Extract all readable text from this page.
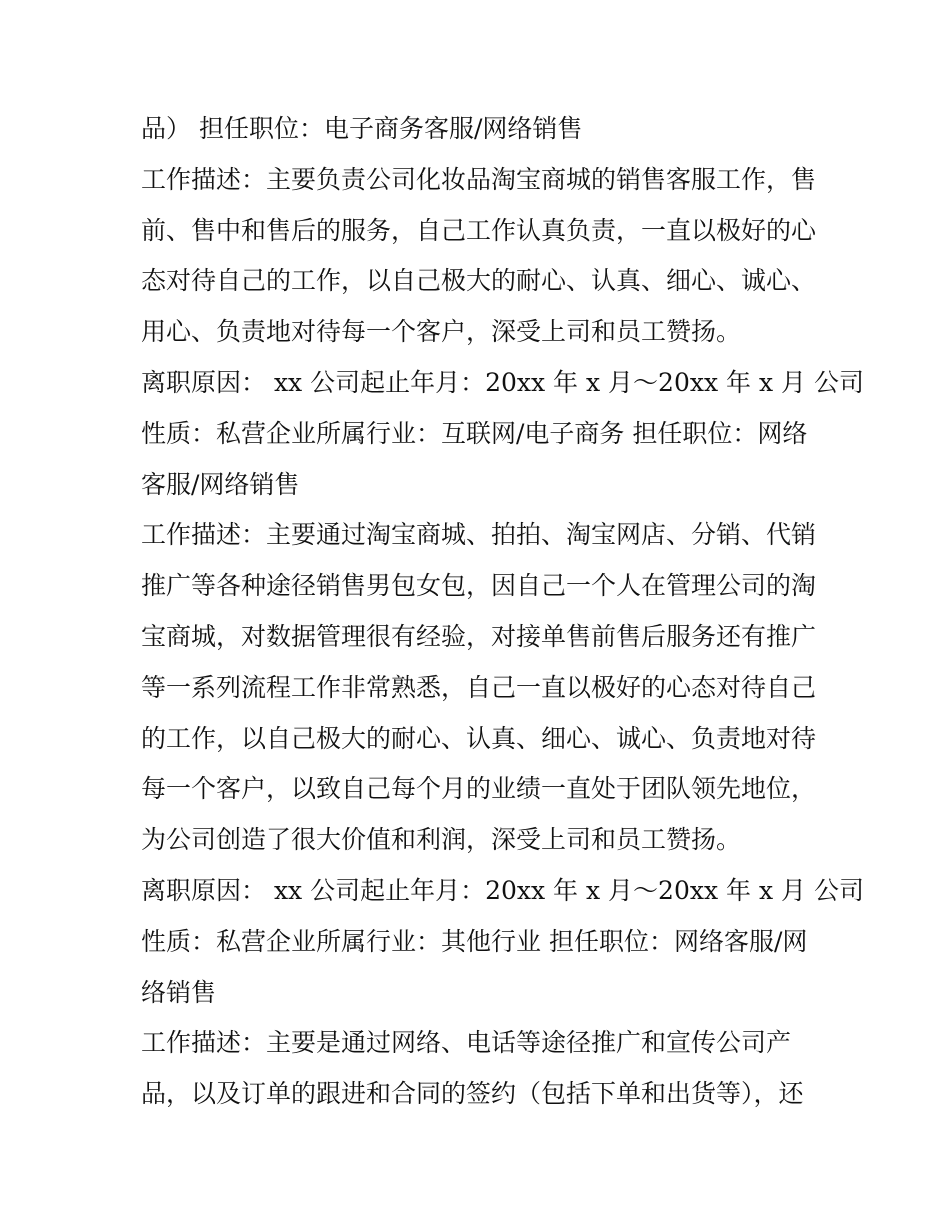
品） 担任职位：电子商务客服/网络销售
工作描述：主要负责公司化妆品淘宝商城的销售客服工作，售
前、售中和售后的服务，自己工作认真负责，一直以极好的心
态对待自己的工作，以自己极大的耐心、认真、细心、诚心、
用心、负责地对待每一个客户，深受上司和员工赞扬。
离职原因： xx 公司起止年月：20xx 年 x 月～20xx 年 x 月 公司
性质：私营企业所属行业：互联网/电子商务 担任职位：网络
客服/网络销售
工作描述：主要通过淘宝商城、拍拍、淘宝网店、分销、代销
推广等各种途径销售男包女包，因自己一个人在管理公司的淘
宝商城，对数据管理很有经验，对接单售前售后服务还有推广
等一系列流程工作非常熟悉，自己一直以极好的心态对待自己
的工作，以自己极大的耐心、认真、细心、诚心、负责地对待
每一个客户，以致自己每个月的业绩一直处于团队领先地位，
为公司创造了很大价值和利润，深受上司和员工赞扬。
离职原因： xx 公司起止年月：20xx 年 x 月～20xx 年 x 月 公司
性质：私营企业所属行业：其他行业 担任职位：网络客服/网
络销售
工作描述：主要是通过网络、电话等途径推广和宣传公司产
品，以及订单的跟进和合同的签约（包括下单和出货等），还
